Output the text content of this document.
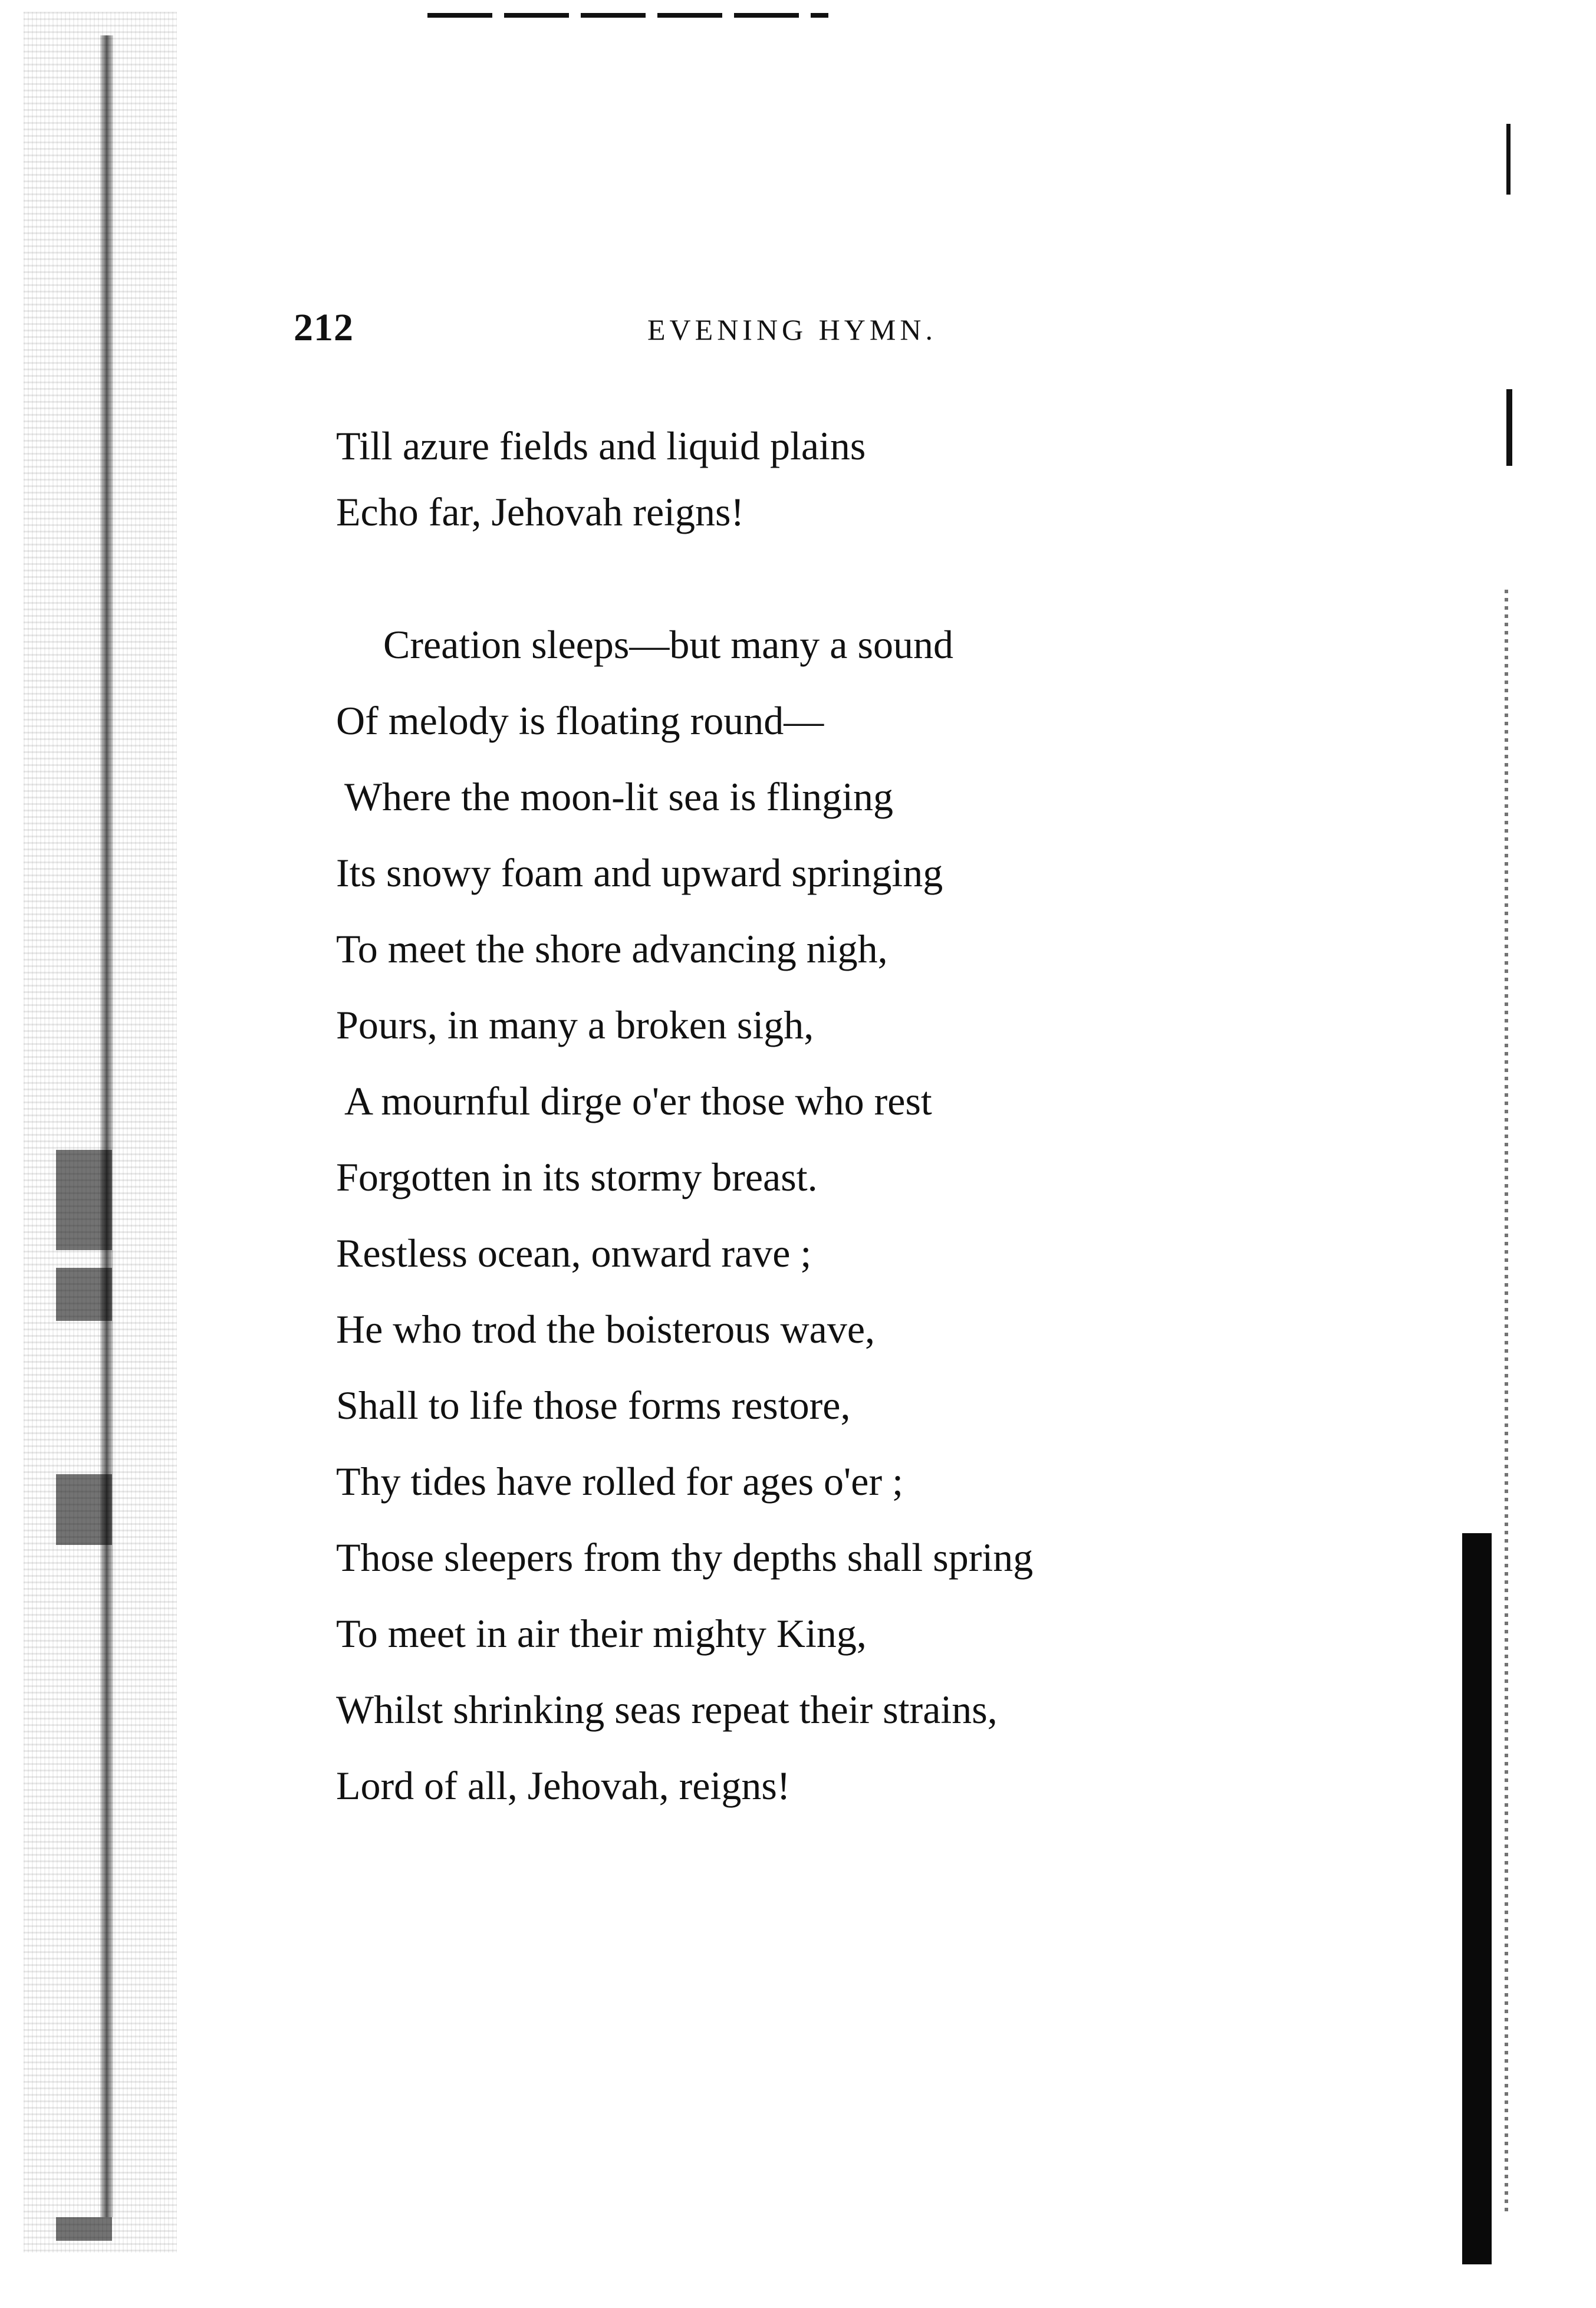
212	EVENING HYMN.
Till azure fields and liquid plains
Echo far, Jehovah reigns!
Creation sleeps—but many a sound
Of melody is floating round—
Where the moon-lit sea is flinging
Its snowy foam and upward springing
To meet the shore advancing nigh,
Pours, in many a broken sigh,
A mournful dirge o'er those who rest
Forgotten in its stormy breast.
Restless ocean, onward rave ;
He who trod the boisterous wave,
Shall to life those forms restore,
Thy tides have rolled for ages o'er ;
Those sleepers from thy depths shall spring
To meet in air their mighty King,
Whilst shrinking seas repeat their strains,
Lord of all, Jehovah, reigns!
